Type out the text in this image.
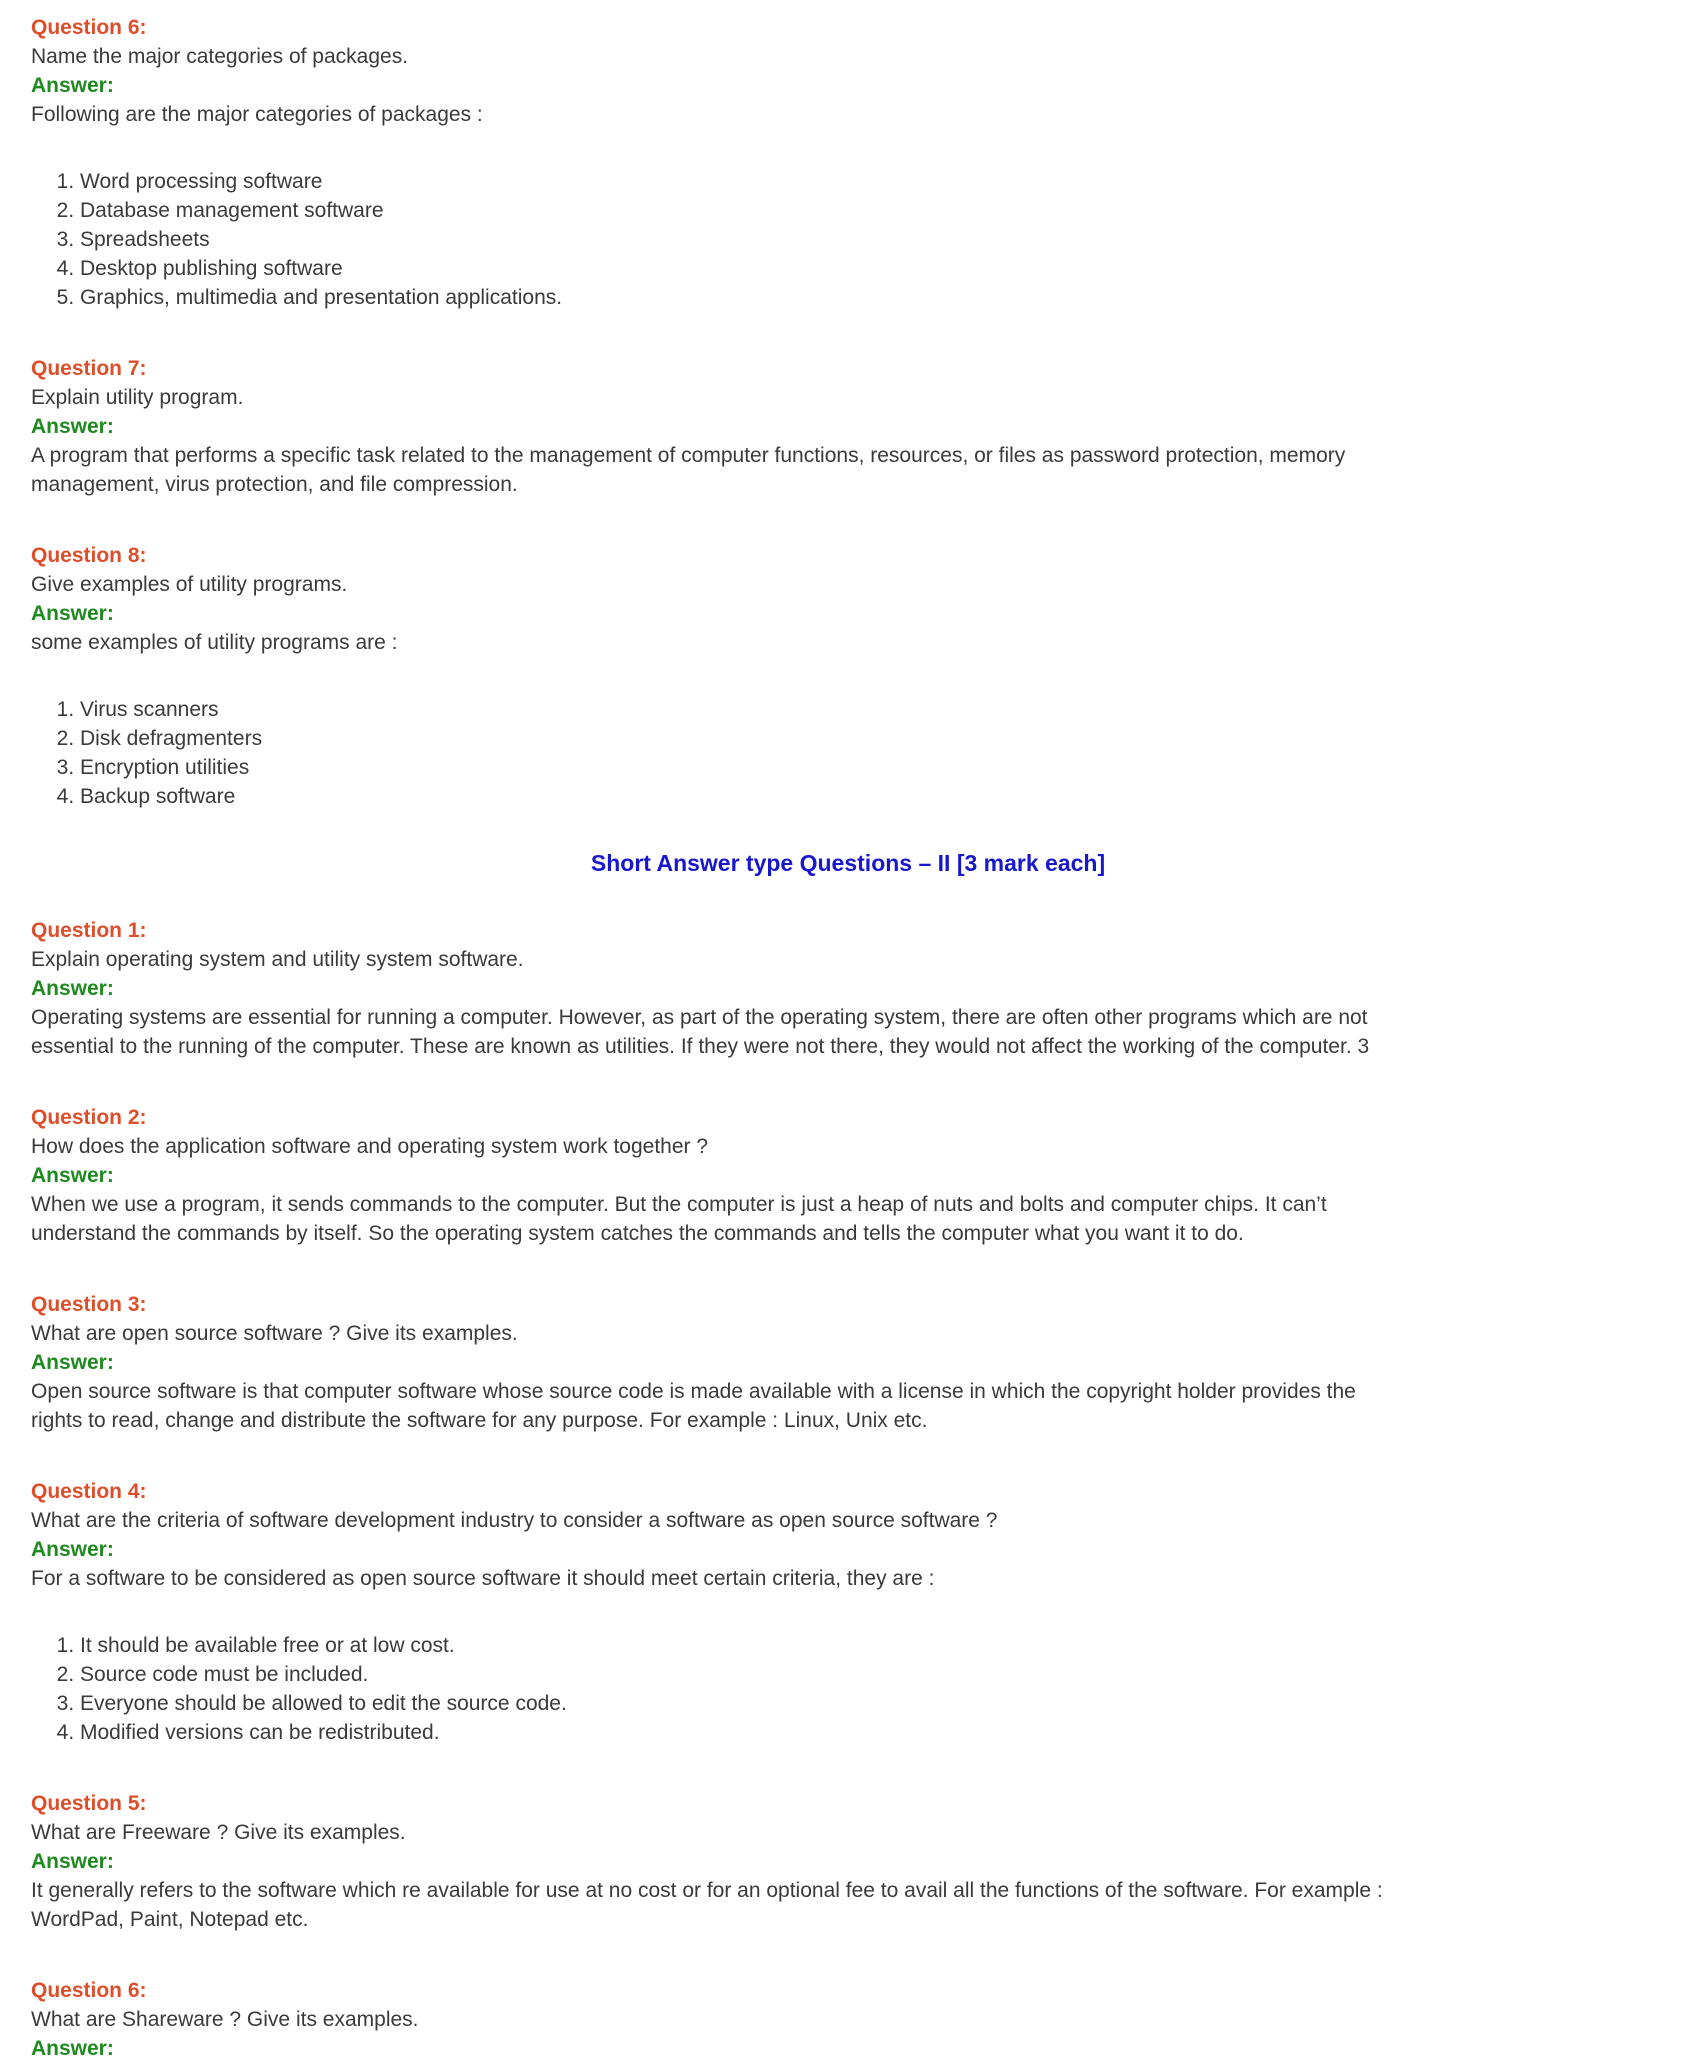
Question 6:
Name the major categories of packages.
Answer:
Following are the major categories of packages :
1. Word processing software
2. Database management software
3. Spreadsheets
4. Desktop publishing software
5. Graphics, multimedia and presentation applications.
Question 7:
Explain utility program.
Answer:
A program that performs a specific task related to the management of computer functions, resources, or files as password protection, memory
management, virus protection, and file compression.
Question 8:
Give examples of utility programs.
Answer:
some examples of utility programs are :
1. Virus scanners
2. Disk defragmenters
3. Encryption utilities
4. Backup software
Short Answer type Questions – II [3 mark each]
Question 1:
Explain operating system and utility system software.
Answer:
Operating systems are essential for running a computer. However, as part of the operating system, there are often other programs which are not
essential to the running of the computer. These are known as utilities. If they were not there, they would not affect the working of the computer. 3
Question 2:
How does the application software and operating system work together ?
Answer:
When we use a program, it sends commands to the computer. But the computer is just a heap of nuts and bolts and computer chips. It can’t
understand the commands by itself. So the operating system catches the commands and tells the computer what you want it to do.
Question 3:
What are open source software ? Give its examples.
Answer:
Open source software is that computer software whose source code is made available with a license in which the copyright holder provides the
rights to read, change and distribute the software for any purpose. For example : Linux, Unix etc.
Question 4:
What are the criteria of software development industry to consider a software as open source software ?
Answer:
For a software to be considered as open source software it should meet certain criteria, they are :
1. It should be available free or at low cost.
2. Source code must be included.
3. Everyone should be allowed to edit the source code.
4. Modified versions can be redistributed.
Question 5:
What are Freeware ? Give its examples.
Answer:
It generally refers to the software which re available for use at no cost or for an optional fee to avail all the functions of the software. For example :
WordPad, Paint, Notepad etc.
Question 6:
What are Shareware ? Give its examples.
Answer:
